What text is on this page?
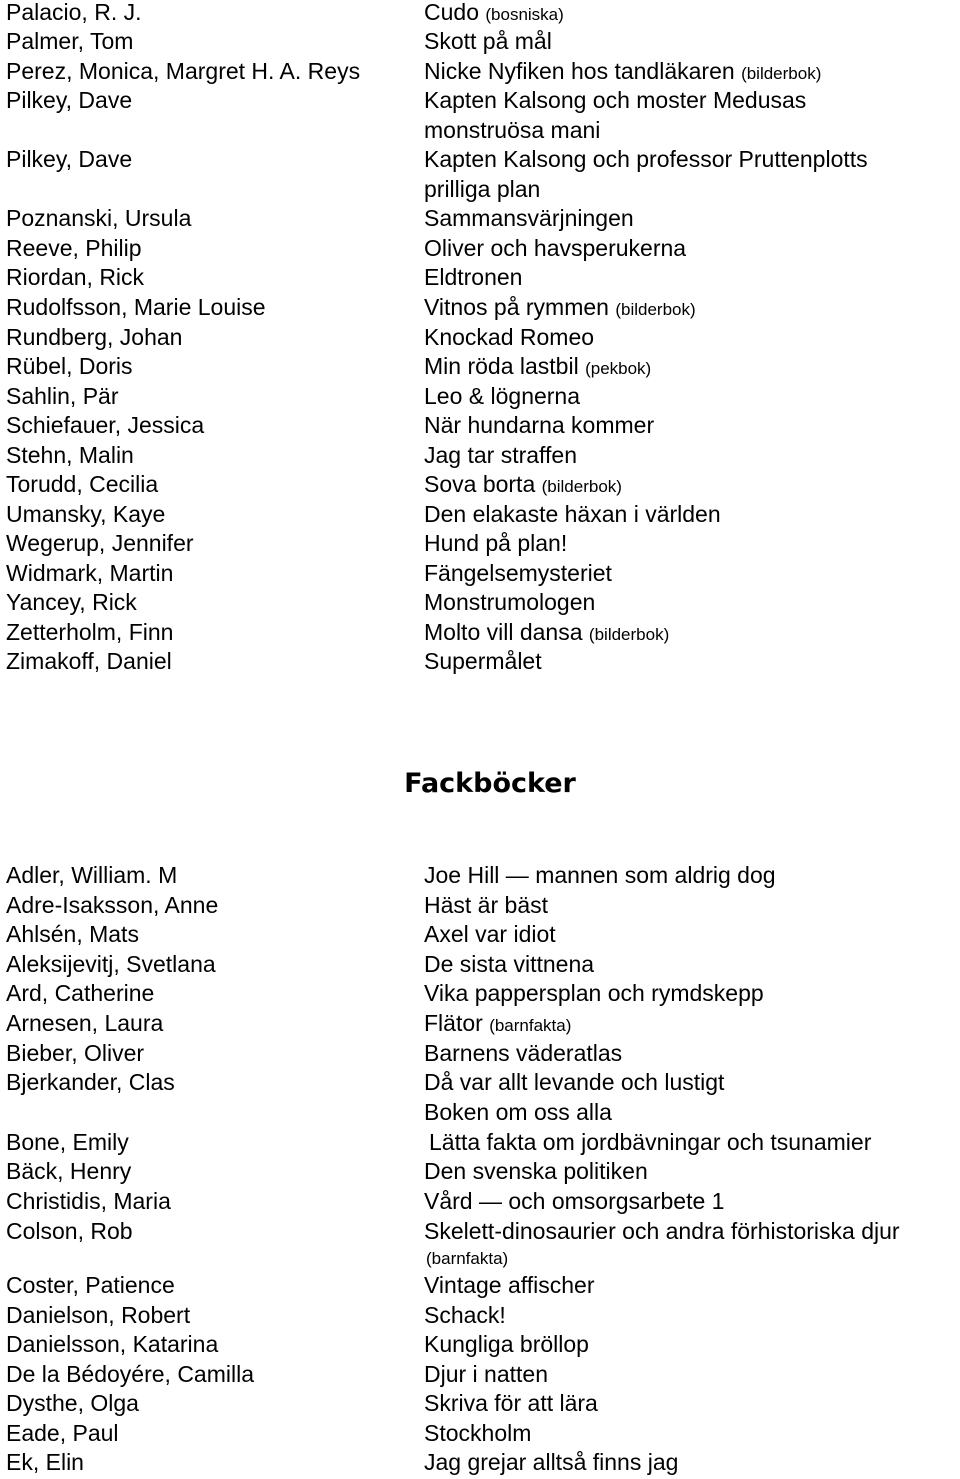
Palacio, R. J.	Cudo (bosniska)
Palmer, Tom	Skott på mål
Perez, Monica, Margret H. A. Reys	Nicke Nyfiken hos tandläkaren (bilderbok)
Pilkey, Dave	Kapten Kalsong och moster Medusas
monstruösa mani
Pilkey, Dave	Kapten Kalsong och professor Pruttenplotts
prilliga plan
Poznanski, Ursula	Sammansvärjningen
Reeve, Philip	Oliver och havsperukerna
Riordan, Rick	Eldtronen
Rudolfsson, Marie Louise	Vitnos på rymmen (bilderbok)
Rundberg, Johan	Knockad Romeo
Rübel, Doris	Min röda lastbil (pekbok)
Sahlin, Pär	Leo & lögnerna
Schiefauer, Jessica	När hundarna kommer
Stehn, Malin	Jag tar straffen
Torudd, Cecilia	Sova borta (bilderbok)
Umansky, Kaye	Den elakaste häxan i världen
Wegerup, Jennifer	Hund på plan!
Widmark, Martin	Fängelsemysteriet
Yancey, Rick	Monstrumologen
Zetterholm, Finn	Molto vill dansa (bilderbok)
Zimakoff, Daniel	Supermålet
Fackböcker
Adler, William. M	Joe Hill — mannen som aldrig dog
Adre-Isaksson, Anne	Häst är bäst
Ahlsén, Mats	Axel var idiot
Aleksijevitj, Svetlana	De sista vittnena
Ard, Catherine	Vika pappersplan och rymdskepp
Arnesen, Laura	Flätor (barnfakta)
Bieber, Oliver	Barnens väderatlas
Bjerkander, Clas	Då var allt levande och lustigt
Boken om oss alla
Bone, Emily	Lätta fakta om jordbävningar och tsunamier
Bäck, Henry	Den svenska politiken
Christidis, Maria	Vård — och omsorgsarbete 1
Colson, Rob	Skelett-dinosaurier och andra förhistoriska djur
(barnfakta)
Coster, Patience	Vintage affischer
Danielson, Robert	Schack!
Danielsson, Katarina	Kungliga bröllop
De la Bédoyére, Camilla	Djur i natten
Dysthe, Olga	Skriva för att lära
Eade, Paul	Stockholm
Ek, Elin	Jag grejar alltså finns jag
